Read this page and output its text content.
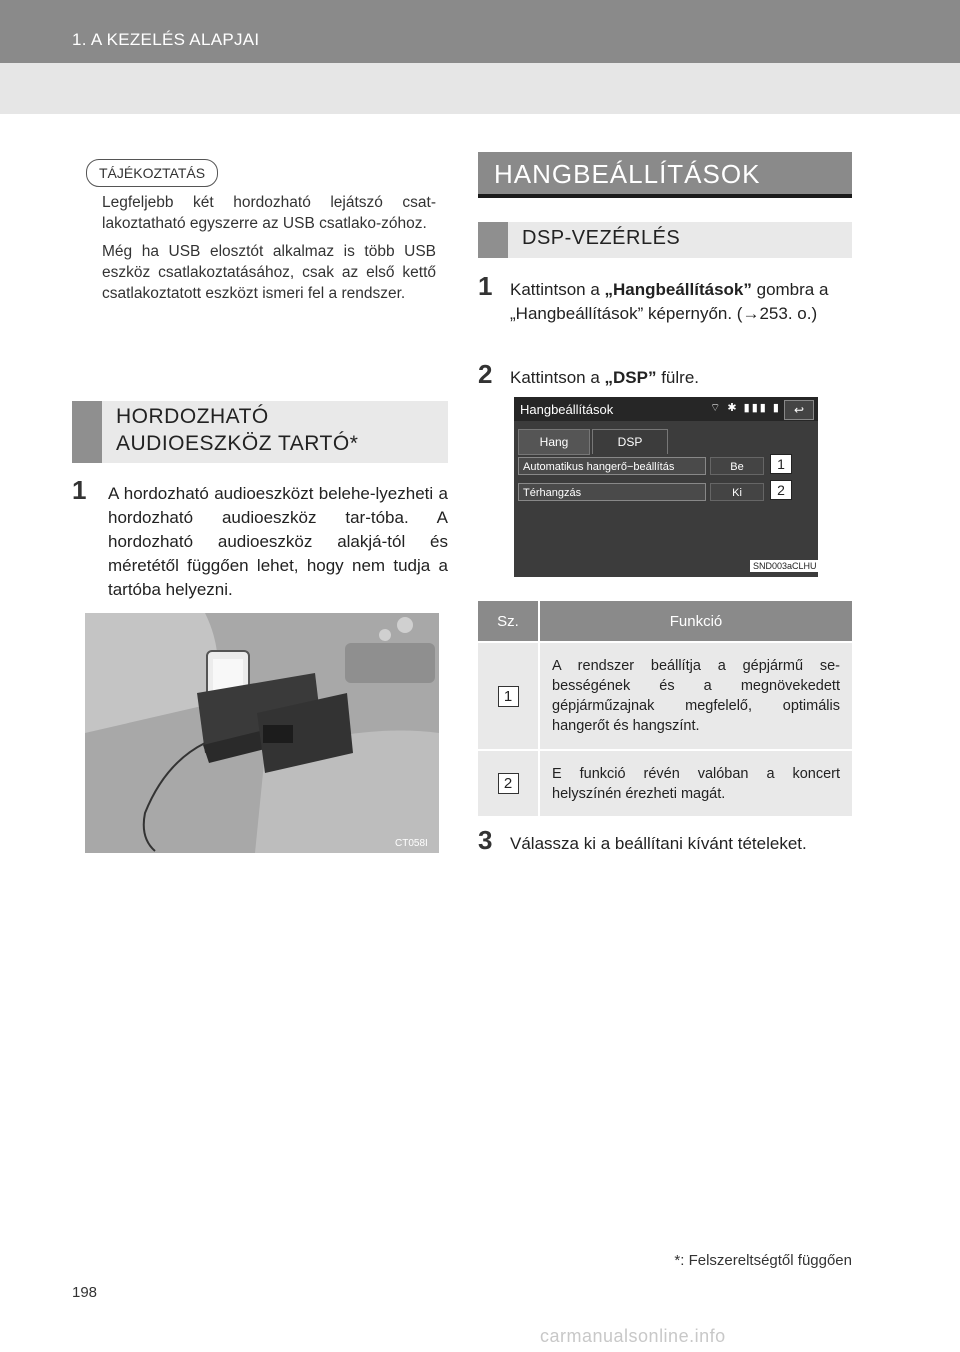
1. A KEZELÉS ALAPJAI
TÁJÉKOZTATÁS

Legfeljebb két hordozható lejátszó csat-lakoztatható egyszerre az USB csatlako-zóhoz.

Még ha USB elosztót alkalmaz is több USB eszköz csatlakoztatásához, csak az első kettő csatlakoztatott eszközt ismeri fel a rendszer.

HORDOZHATÓ
AUDIOESZKÖZ TARTÓ*
1	A hordozható audioeszközt belehe-lyezheti a hordozható audioeszköz tar-tóba. A hordozható audioeszköz alakjá-tól és méretétől függően lehet, hogy nem tudja a tartóba helyezni.
CT058I
HANGBEÁLLÍTÁSOK
DSP-VEZÉRLÉS
1	Kattintson a „Hangbeállítások” gombra a „Hangbeállítások” képernyőn. (→253. o.)
2	Kattintson a „DSP” fülre.
Hangbeállítások	⌔ ✱ ▮▮▮ ▮	↩
Hang	DSP
Automatikus hangerő−beállítás	Be	1
Térhangzás	Ki	2
SND003aCLHU
Sz.	Funkció
1	A rendszer beállítja a gépjármű se-bességének és a megnövekedett gépjárműzajnak megfelelő, optimális hangerőt és hangszínt.
2	E funkció révén valóban a koncert helyszínén érezheti magát.
3	Válassza ki a beállítani kívánt tételeket.
*: Felszereltségtől függően
198
carmanualsonline.info
